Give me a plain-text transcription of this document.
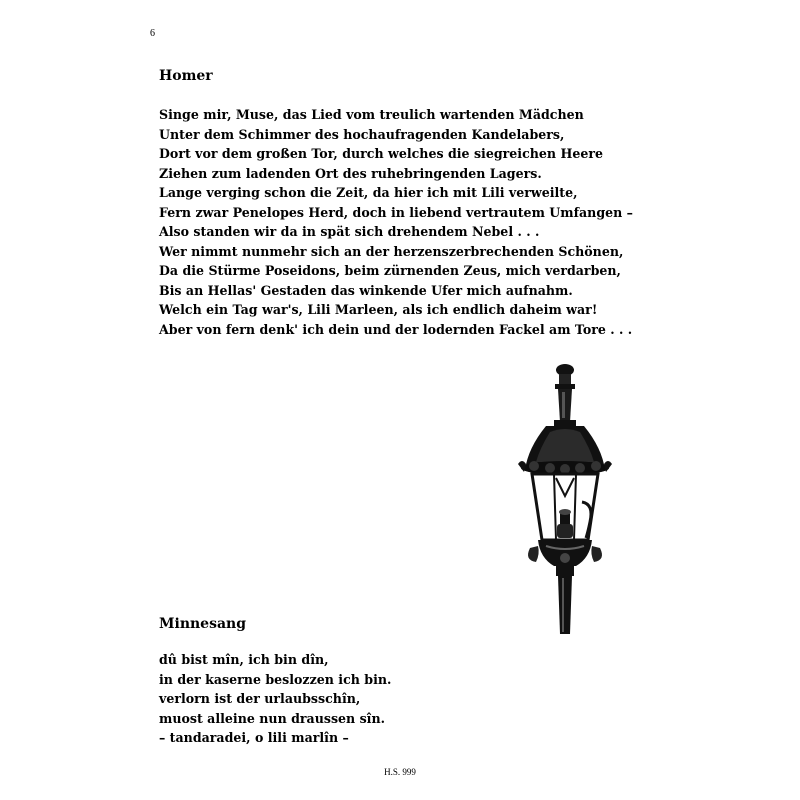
6
Homer
Singe mir, Muse, das Lied vom treulich wartenden Mädchen
Unter dem Schimmer des hochaufragenden Kandelabers,
Dort vor dem großen Tor, durch welches die siegreichen Heere
Ziehen zum ladenden Ort des ruhebringenden Lagers.
Lange verging schon die Zeit, da hier ich mit Lili verweilte,
Fern zwar Penelopes Herd, doch in liebend vertrautem Umfangen –
Also standen wir da in spät sich drehendem Nebel . . .
Wer nimmt nunmehr sich an der herzenszerbrechenden Schönen,
Da die Stürme Poseidons, beim zürnenden Zeus, mich verdarben,
Bis an Hellas' Gestaden das winkende Ufer mich aufnahm.
Welch ein Tag war's, Lili Marleen, als ich endlich daheim war!
Aber von fern denk' ich dein und der lodernden Fackel am Tore . . .
Minnesang
dû bist mîn, ich bin dîn,
in der kaserne beslozzen ich bin.
verlorn ist der urlaubsschîn,
muost alleine nun draussen sîn.
– tandaradei, o lili marlîn –
H.S. 999
